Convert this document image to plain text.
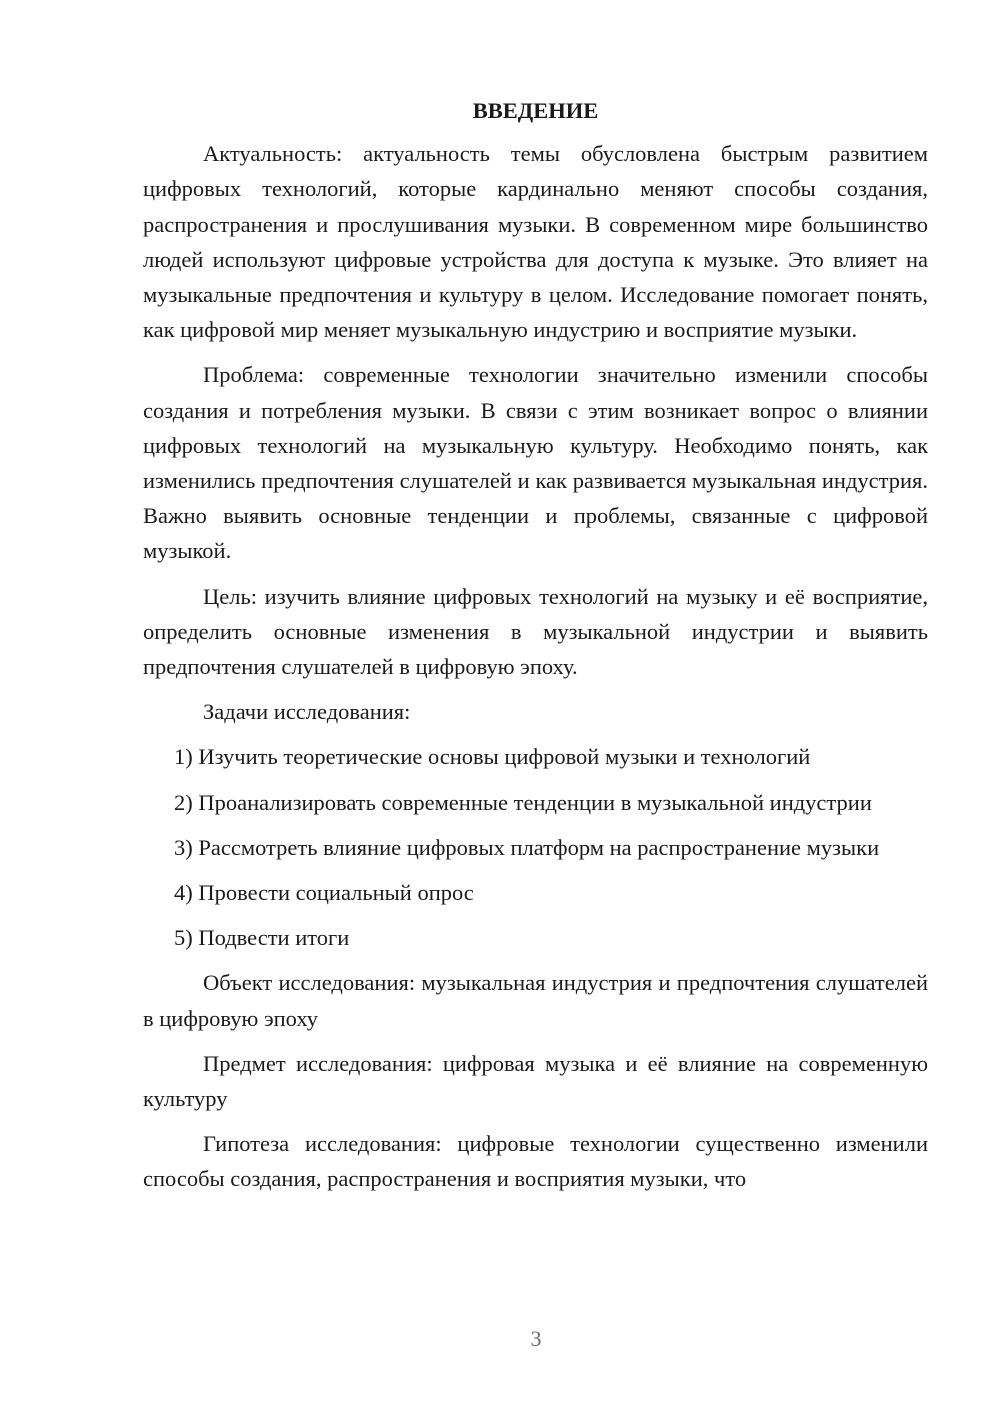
ВВЕДЕНИЕ

Актуальность: актуальность темы обусловлена быстрым развитием цифровых технологий, которые кардинально меняют способы создания, распространения и прослушивания музыки. В современном мире большинство людей используют цифровые устройства для доступа к музыке. Это влияет на музыкальные предпочтения и культуру в целом. Исследование помогает понять, как цифровой мир меняет музыкальную индустрию и восприятие музыки.

Проблема: современные технологии значительно изменили способы создания и потребления музыки. В связи с этим возникает вопрос о влиянии цифровых технологий на музыкальную культуру. Необходимо понять, как изменились предпочтения слушателей и как развивается музыкальная индустрия. Важно выявить основные тенденции и проблемы, связанные с цифровой музыкой.

Цель: изучить влияние цифровых технологий на музыку и её восприятие, определить основные изменения в музыкальной индустрии и выявить предпочтения слушателей в цифровую эпоху.

Задачи исследования:

1) Изучить теоретические основы цифровой музыки и технологий

2) Проанализировать современные тенденции в музыкальной индустрии

3) Рассмотреть влияние цифровых платформ на распространение музыки

4) Провести социальный опрос

5) Подвести итоги

Объект исследования: музыкальная индустрия и предпочтения слушателей в цифровую эпоху

Предмет исследования: цифровая музыка и её влияние на современную культуру

Гипотеза исследования: цифровые технологии существенно изменили способы создания, распространения и восприятия музыки, что

3
